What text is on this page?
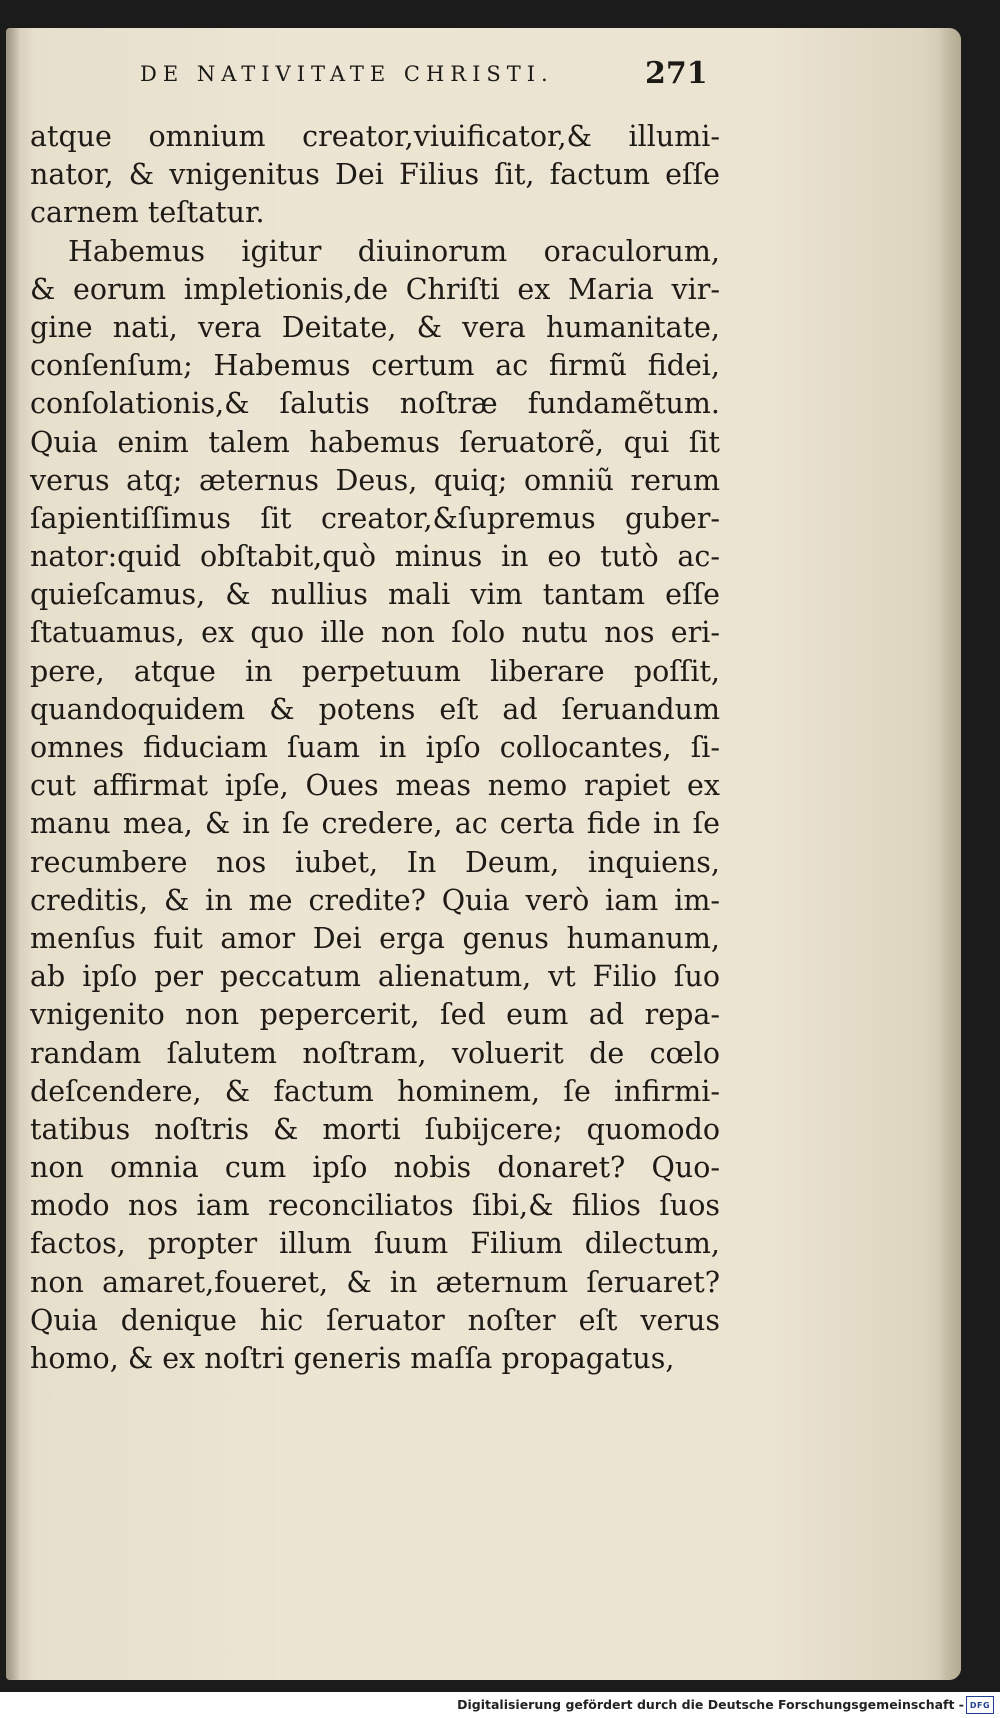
DE NATIVITATE CHRISTI.	271
atque omnium creator,viuificator,& illumi-
nator, & vnigenitus Dei Filius ſit, factum eſſe
carnem teſtatur.
Habemus igitur diuinorum oraculorum,
& eorum impletionis,de Chriſti ex Maria vir-
gine nati, vera Deitate, & vera humanitate,
conſenſum; Habemus certum ac firmũ fidei,
conſolationis,& ſalutis noſtræ fundamẽtum.
Quia enim talem habemus ſeruatorẽ, qui ſit
verus atq; æternus Deus, quiq; omniũ rerum
ſapientiſſimus ſit creator,&ſupremus guber-
nator:quid obſtabit,quò minus in eo tutò ac-
quieſcamus, & nullius mali vim tantam eſſe
ſtatuamus, ex quo ille non ſolo nutu nos eri-
pere, atque in perpetuum liberare poſſit,
quandoquidem & potens eſt ad ſeruandum
omnes fiduciam ſuam in ipſo collocantes, ſi-
cut affirmat ipſe, Oues meas nemo rapiet ex
manu mea, & in ſe credere, ac certa fide in ſe
recumbere nos iubet, In Deum, inquiens,
creditis, & in me credite? Quia verò iam im-
menſus fuit amor Dei erga genus humanum,
ab ipſo per peccatum alienatum, vt Filio ſuo
vnigenito non pepercerit, ſed eum ad repa-
randam ſalutem noſtram, voluerit de cœlo
deſcendere, & factum hominem, ſe infirmi-
tatibus noſtris & morti ſubijcere; quomodo
non omnia cum ipſo nobis donaret? Quo-
modo nos iam reconciliatos ſibi,& filios ſuos
factos, propter illum ſuum Filium dilectum,
non amaret,foueret, & in æternum ſeruaret?
Quia denique hic ſeruator noſter eſt verus
homo, & ex noſtri generis maſſa propagatus,
Digitalisierung gefördert durch die Deutsche Forschungsgemeinschaft - DFG
